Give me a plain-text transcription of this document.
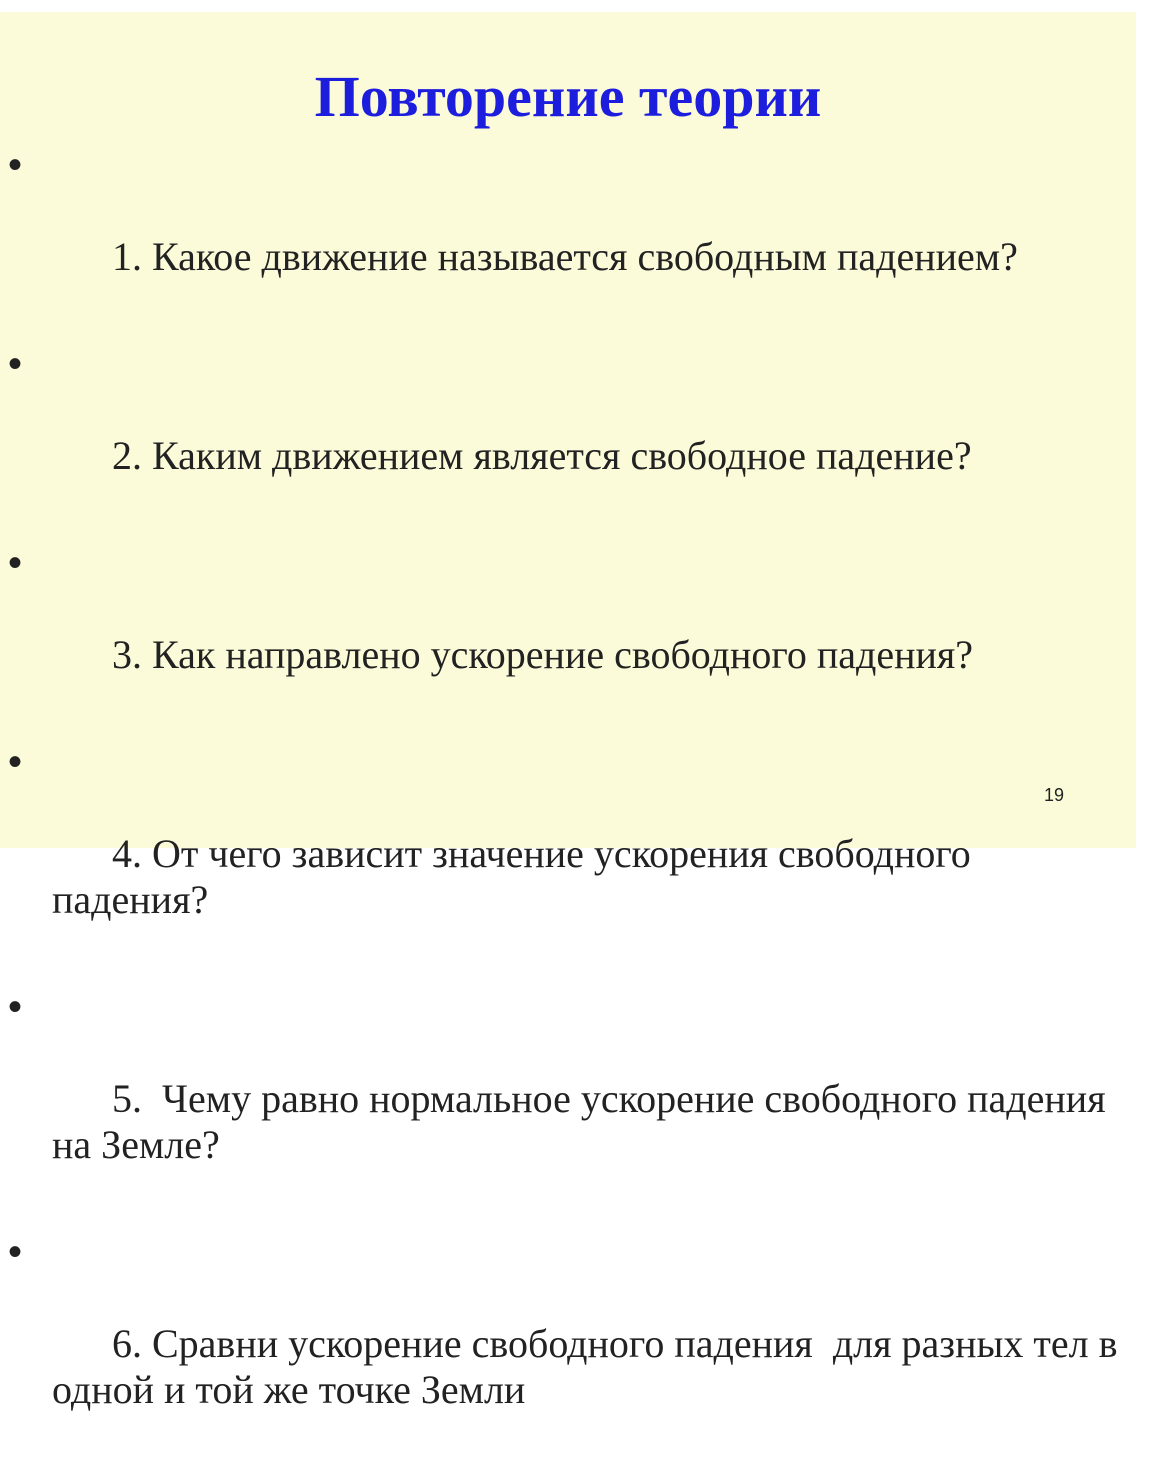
Повторение теории

•

1. Какое движение называется свободным падением?

•

2. Каким движением является свободное падение?

•

3. Как направлено ускорение свободного падения?

•

4. От чего зависит значение ускорения свободного падения?

•

5.  Чему равно нормальное ускорение свободного падения на Земле?

•

6. Сравни ускорение свободного падения  для разных тел в одной и той же точке Земли

19
